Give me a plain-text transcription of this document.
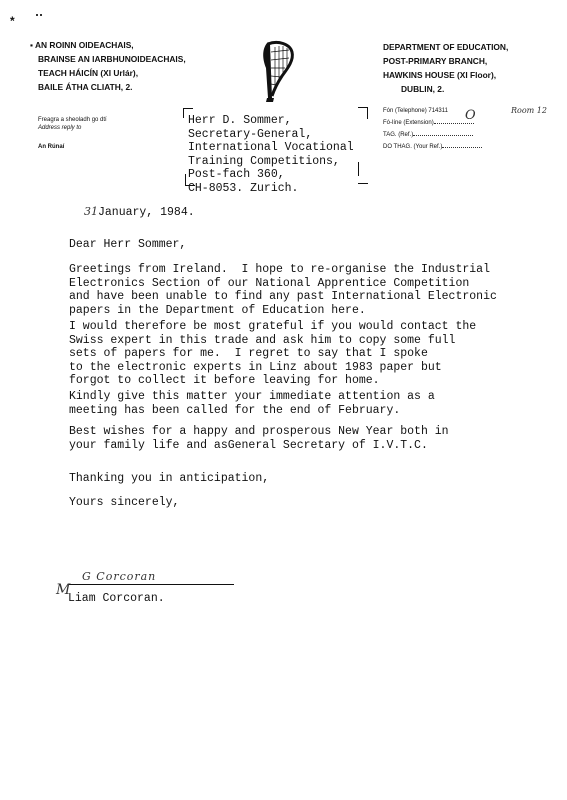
*
▪ AN ROINN OIDEACHAIS,
BRAINSE AN IARBHUNOIDEACHAIS,
TEACH HÁICÍN (XI Urlár),
BAILE ÁTHA CLIATH, 2.
Freagra a sheoladh go dtí
Address reply to
An Rúnaí
DEPARTMENT OF EDUCATION,
POST-PRIMARY BRANCH,
HAWKINS HOUSE (XI Floor),
DUBLIN, 2.
Fón (Telephone) 714311
Fó-líne (Extension) O	Room 12
TAG. (Ref.)
DO THAG. (Your Ref.)
Herr D. Sommer,
Secretary-General,
International Vocational
Training Competitions,
Post-fach 360,
CH-8053. Zurich.
31January, 1984.
Dear Herr Sommer,
Greetings from Ireland.  I hope to re-organise the Industrial
Electronics Section of our National Apprentice Competition
and have been unable to find any past International Electronic
papers in the Department of Education here.
I would therefore be most grateful if you would contact the
Swiss expert in this trade and ask him to copy some full
sets of papers for me.  I regret to say that I spoke
to the electronic experts in Linz about 1983 paper but
forgot to collect it before leaving for home.
Kindly give this matter your immediate attention as a
meeting has been called for the end of February.
Best wishes for a happy and prosperous New Year both in
your family life and asGeneral Secretary of I.V.T.C.
Thanking you in anticipation,
Yours sincerely,
G Corcoran
M
Liam Corcoran.
